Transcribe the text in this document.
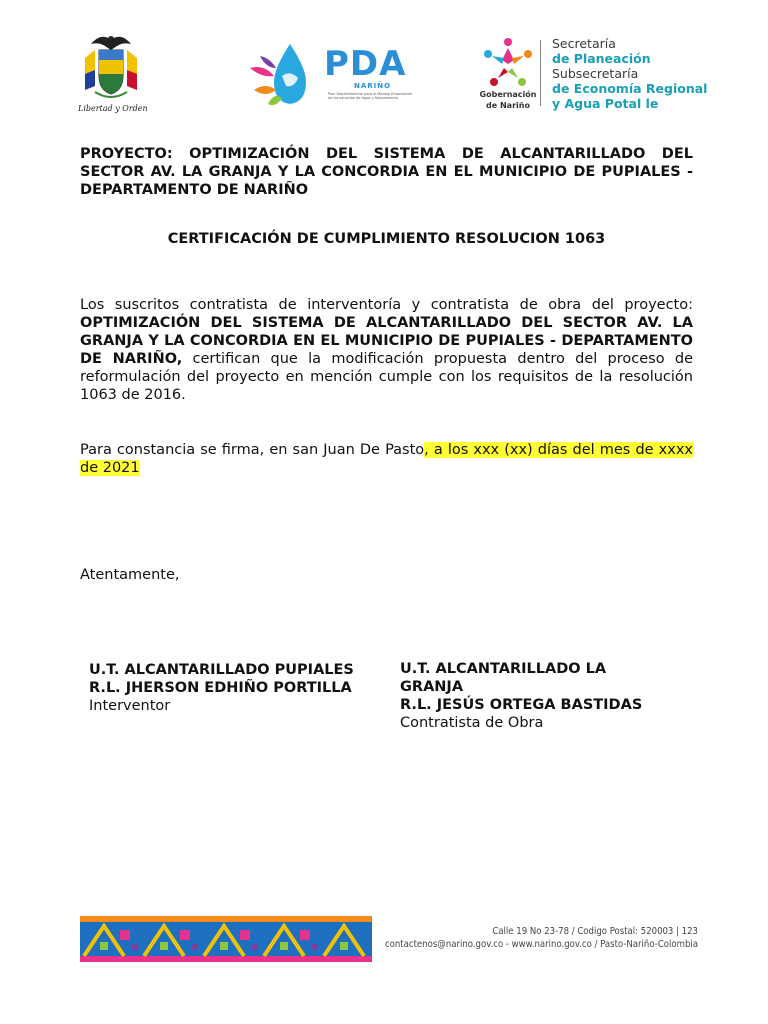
Libertad y Orden
PDA
NARIÑO
Plan Departamental para el Manejo Empresarial de los servicios de Agua y Saneamiento	Gobernación
de Nariño
Secretaría
de Planeación
Subsecretaría
de Economía Regional
y Agua Potal le
PROYECTO: OPTIMIZACIÓN DEL SISTEMA DE ALCANTARILLADO DEL SECTOR AV. LA GRANJA Y LA CONCORDIA EN EL MUNICIPIO DE PUPIALES - DEPARTAMENTO DE NARIÑO
CERTIFICACIÓN DE CUMPLIMIENTO RESOLUCION 1063
Los suscritos contratista de interventoría y contratista de obra del proyecto: OPTIMIZACIÓN DEL SISTEMA DE ALCANTARILLADO DEL SECTOR AV. LA GRANJA Y LA CONCORDIA EN EL MUNICIPIO DE PUPIALES - DEPARTAMENTO DE NARIÑO, certifican que la modificación propuesta dentro del proceso de reformulación del proyecto en mención cumple con los requisitos de la resolución 1063 de 2016.
Para constancia se firma, en san Juan De Pasto, a los xxx (xx) días del mes de xxxx de 2021
Atentamente,
U.T. ALCANTARILLADO PUPIALES
R.L. JHERSON EDHIÑO PORTILLA
Interventor
U.T. ALCANTARILLADO LA GRANJA
R.L. JESÚS ORTEGA BASTIDAS
Contratista de Obra
Calle 19 No 23-78 / Codigo Postal: 520003 | 123
contactenos@narino.gov.co - www.narino.gov.co / Pasto-Nariño-Colombia
